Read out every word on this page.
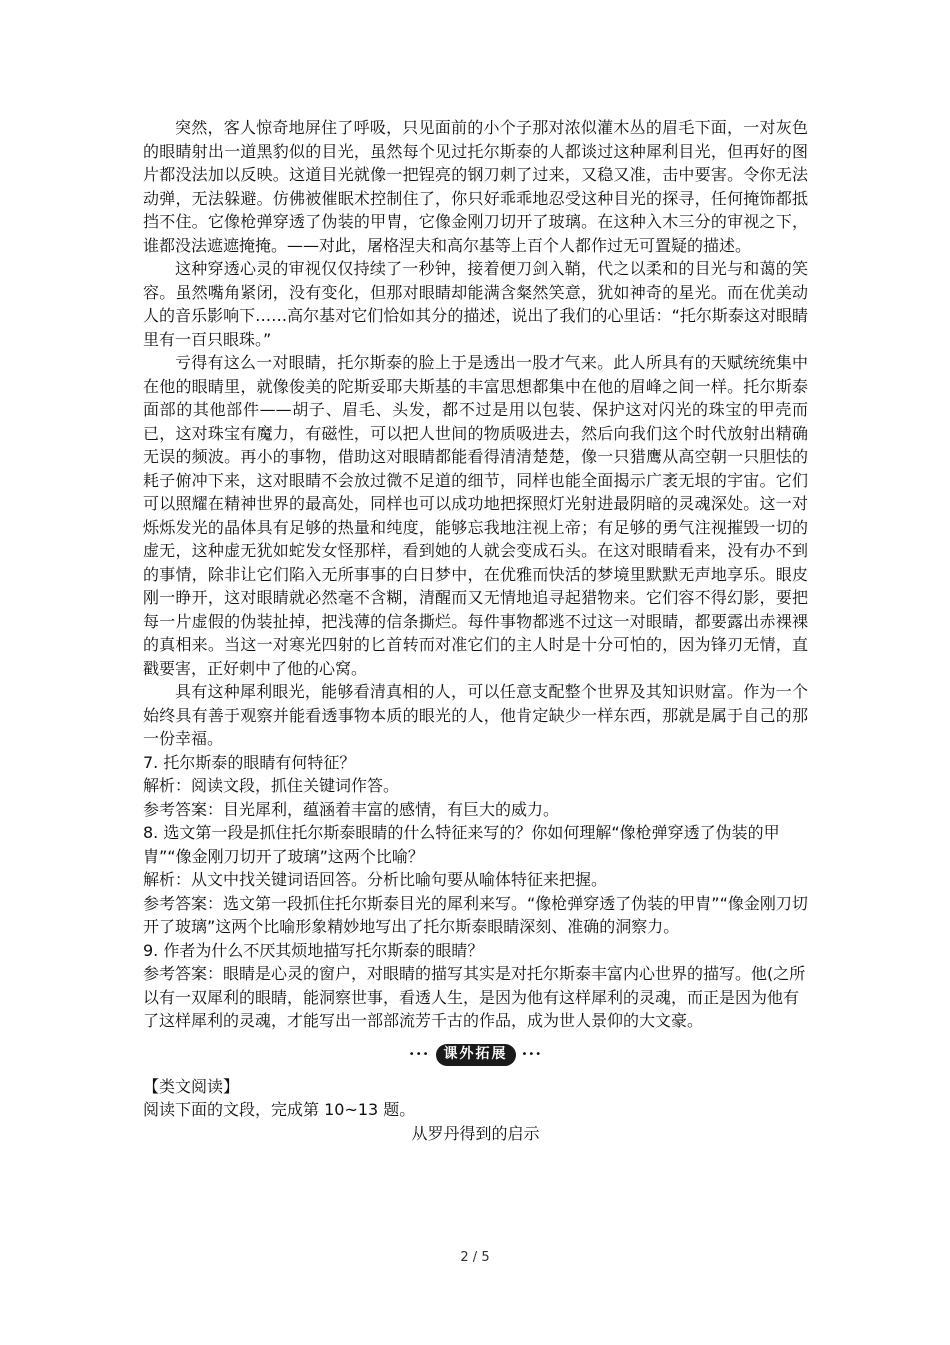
突然，客人惊奇地屏住了呼吸，只见面前的小个子那对浓似灌木丛的眉毛下面，一对灰色的眼睛射出一道黑豹似的目光，虽然每个见过托尔斯泰的人都谈过这种犀利目光，但再好的图片都没法加以反映。这道目光就像一把锃亮的钢刀刺了过来，又稳又准，击中要害。令你无法动弹，无法躲避。仿佛被催眠术控制住了，你只好乖乖地忍受这种目光的探寻，任何掩饰都抵挡不住。它像枪弹穿透了伪装的甲胄，它像金刚刀切开了玻璃。在这种入木三分的审视之下，谁都没法遮遮掩掩。——对此，屠格涅夫和高尔基等上百个人都作过无可置疑的描述。

这种穿透心灵的审视仅仅持续了一秒钟，接着便刀剑入鞘，代之以柔和的目光与和蔼的笑容。虽然嘴角紧闭，没有变化，但那对眼睛却能满含粲然笑意，犹如神奇的星光。而在优美动人的音乐影响下……高尔基对它们恰如其分的描述，说出了我们的心里话：“托尔斯泰这对眼睛里有一百只眼珠。”

亏得有这么一对眼睛，托尔斯泰的脸上于是透出一股才气来。此人所具有的天赋统统集中在他的眼睛里，就像俊美的陀斯妥耶夫斯基的丰富思想都集中在他的眉峰之间一样。托尔斯泰面部的其他部件——胡子、眉毛、头发，都不过是用以包装、保护这对闪光的珠宝的甲壳而已，这对珠宝有魔力，有磁性，可以把人世间的物质吸进去，然后向我们这个时代放射出精确无误的频波。再小的事物，借助这对眼睛都能看得清清楚楚，像一只猎鹰从高空朝一只胆怯的耗子俯冲下来，这对眼睛不会放过微不足道的细节，同样也能全面揭示广袤无垠的宇宙。它们可以照耀在精神世界的最高处，同样也可以成功地把探照灯光射进最阴暗的灵魂深处。这一对烁烁发光的晶体具有足够的热量和纯度，能够忘我地注视上帝；有足够的勇气注视摧毁一切的虚无，这种虚无犹如蛇发女怪那样，看到她的人就会变成石头。在这对眼睛看来，没有办不到的事情，除非让它们陷入无所事事的白日梦中，在优雅而快活的梦境里默默无声地享乐。眼皮刚一睁开，这对眼睛就必然毫不含糊，清醒而又无情地追寻起猎物来。它们容不得幻影，要把每一片虚假的伪装扯掉，把浅薄的信条撕烂。每件事物都逃不过这一对眼睛，都要露出赤裸裸的真相来。当这一对寒光四射的匕首转而对准它们的主人时是十分可怕的，因为锋刃无情，直戳要害，正好刺中了他的心窝。

具有这种犀利眼光，能够看清真相的人，可以任意支配整个世界及其知识财富。作为一个始终具有善于观察并能看透事物本质的眼光的人，他肯定缺少一样东西，那就是属于自己的那一份幸福。

7. 托尔斯泰的眼睛有何特征？

解析：阅读文段，抓住关键词作答。

参考答案：目光犀利，蕴涵着丰富的感情，有巨大的威力。

8. 选文第一段是抓住托尔斯泰眼睛的什么特征来写的？你如何理解“像枪弹穿透了伪装的甲胄”“像金刚刀切开了玻璃”这两个比喻？

解析：从文中找关键词语回答。分析比喻句要从喻体特征来把握。

参考答案：选文第一段抓住托尔斯泰目光的犀利来写。“像枪弹穿透了伪装的甲胄”“像金刚刀切开了玻璃”这两个比喻形象精妙地写出了托尔斯泰眼睛深刻、准确的洞察力。

9. 作者为什么不厌其烦地描写托尔斯泰的眼睛？

参考答案：眼睛是心灵的窗户，对眼睛的描写其实是对托尔斯泰丰富内心世界的描写。他(之所以有一双犀利的眼睛，能洞察世事，看透人生，是因为他有这样犀利的灵魂，而正是因为他有了这样犀利的灵魂，才能写出一部部流芳千古的作品，成为世人景仰的大文豪。

•••	课外拓展	•••

【类文阅读】

阅读下面的文段，完成第 10~13 题。

从罗丹得到的启示

2 / 5
